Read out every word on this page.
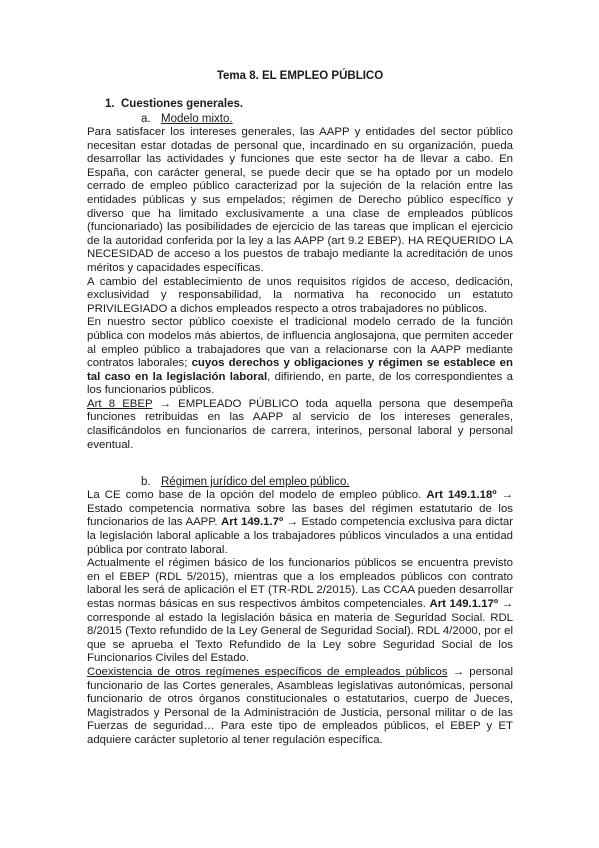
Tema 8. EL EMPLEO PÚBLICO
1. Cuestiones generales.
a. Modelo mixto.

Para satisfacer los intereses generales, las AAPP y entidades del sector público necesitan estar dotadas de personal que, incardinado en su organización, pueda desarrollar las actividades y funciones que este sector ha de llevar a cabo. En España, con carácter general, se puede decir que se ha optado por un modelo cerrado de empleo público caracterizad por la sujeción de la relación entre las entidades públicas y sus empelados; régimen de Derecho público específico y diverso que ha limitado exclusivamente a una clase de empleados públicos (funcionariado) las posibilidades de ejercicio de las tareas que implican el ejercicio de la autoridad conferida por la ley a las AAPP (art 9.2 EBEP). HA REQUERIDO LA NECESIDAD de acceso a los puestos de trabajo mediante la acreditación de unos méritos y capacidades específicas.

A cambio del establecimiento de unos requisitos rígidos de acceso, dedicación, exclusividad y responsabilidad, la normativa ha reconocido un estatuto PRIVILEGIADO a dichos empleados respecto a otros trabajadores no públicos.

En nuestro sector público coexiste el tradicional modelo cerrado de la función pública con modelos más abiertos, de influencia anglosajona, que permiten acceder al empleo público a trabajadores que van a relacionarse con la AAPP mediante contratos laborales; cuyos derechos y obligaciones y régimen se establece en tal caso en la legislación laboral, difiriendo, en parte, de los correspondientes a los funcionarios públicos.

Art 8 EBEP → EMPLEADO PÚBLICO toda aquella persona que desempeña funciones retribuidas en las AAPP al servicio de los intereses generales, clasificándolos en funcionarios de carrera, interinos, personal laboral y personal eventual.

b. Régimen jurídico del empleo público.

La CE como base de la opción del modelo de empleo público. Art 149.1.18º → Estado competencia normativa sobre las bases del régimen estatutario de los funcionarios de las AAPP. Art 149.1.7º → Estado competencia exclusiva para dictar la legislación laboral aplicable a los trabajadores públicos vinculados a una entidad pública por contrato laboral.

Actualmente el régimen básico de los funcionarios públicos se encuentra previsto en el EBEP (RDL 5/2015), mientras que a los empleados públicos con contrato laboral les será de aplicación el ET (TR-RDL 2/2015). Las CCAA pueden desarrollar estas normas básicas en sus respectivos ámbitos competenciales. Art 149.1.17º → corresponde al estado la legislación básica en materia de Seguridad Social. RDL 8/2015 (Texto refundido de la Ley General de Seguridad Social). RDL 4/2000, por el que se aprueba el Texto Refundido de la Ley sobre Seguridad Social de los Funcionarios Civiles del Estado.

Coexistencia de otros regímenes específicos de empleados públicos → personal funcionario de las Cortes generales, Asambleas legislativas autonómicas, personal funcionario de otros órganos constitucionales o estatutarios, cuerpo de Jueces, Magistrados y Personal de la Administración de Justicia, personal militar o de las Fuerzas de seguridad… Para este tipo de empleados públicos, el EBEP y ET adquiere carácter supletorio al tener regulación específica.
